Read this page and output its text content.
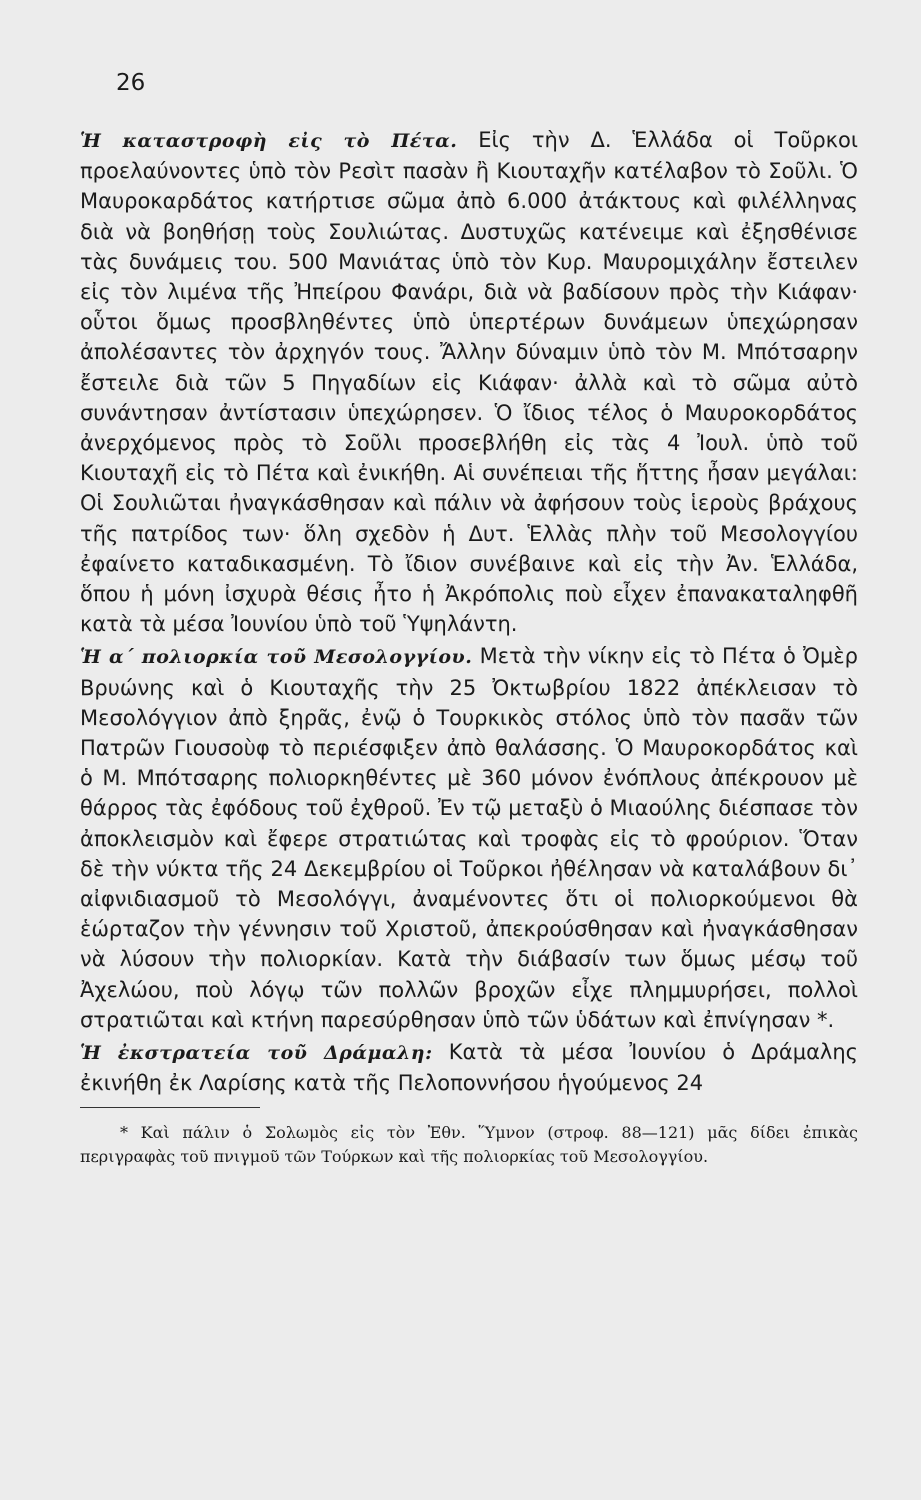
26

Ἡ καταστροφὴ εἰς τὸ Πέτα. Εἰς τὴν Δ. Ἑλλάδα οἱ Τοῦρκοι προελαύνοντες ὑπὸ τὸν Ρεσὶτ πασὰν ἢ Κιουταχῆν κατέλαβον τὸ Σοῦλι. Ὁ Μαυροκαρδάτος κατήρτισε σῶμα ἀπὸ 6.000 ἀτάκτους καὶ φιλέλληνας διὰ νὰ βοηθήσῃ τοὺς Σουλιώτας. Δυστυχῶς κατένειμε καὶ ἐξησθένισε τὰς δυνάμεις του. 500 Μανιάτας ὑπὸ τὸν Κυρ. Μαυρομιχάλην ἔστειλεν εἰς τὸν λιμένα τῆς Ἠπείρου Φανάρι, διὰ νὰ βαδίσουν πρὸς τὴν Κιάφαν· οὗτοι ὅμως προσβληθέντες ὑπὸ ὑπερτέρων δυνάμεων ὑπεχώρησαν ἀπολέσαντες τὸν ἀρχηγόν τους. Ἄλλην δύναμιν ὑπὸ τὸν Μ. Μπότσαρην ἔστειλε διὰ τῶν 5 Πηγαδίων εἰς Κιάφαν· ἀλλὰ καὶ τὸ σῶμα αὐτὸ συνάντησαν ἀντίστασιν ὑπεχώρησεν. Ὁ ἴδιος τέλος ὁ Μαυροκορδάτος ἀνερχόμενος πρὸς τὸ Σοῦλι προσεβλήθη εἰς τὰς 4 Ἰουλ. ὑπὸ τοῦ Κιουταχῆ εἰς τὸ Πέτα καὶ ἐνικήθη. Αἱ συνέπειαι τῆς ἥττης ἦσαν μεγάλαι: Οἱ Σουλιῶται ἠναγκάσθησαν καὶ πάλιν νὰ ἀφήσουν τοὺς ἱεροὺς βράχους τῆς πατρίδος των· ὅλη σχεδὸν ἡ Δυτ. Ἑλλὰς πλὴν τοῦ Μεσολογγίου ἐφαίνετο καταδικασμένη. Τὸ ἴδιον συνέβαινε καὶ εἰς τὴν Ἀν. Ἑλλάδα, ὅπου ἡ μόνη ἰσχυρὰ θέσις ἦτο ἡ Ἀκρόπολις ποὺ εἶχεν ἐπανακαταληφθῆ κατὰ τὰ μέσα Ἰουνίου ὑπὸ τοῦ Ὑψηλάντη.

Ἡ α΄ πολιορκία τοῦ Μεσολογγίου. Μετὰ τὴν νίκην εἰς τὸ Πέτα ὁ Ὀμὲρ Βρυώνης καὶ ὁ Κιουταχῆς τὴν 25 Ὀκτωβρίου 1822 ἀπέκλεισαν τὸ Μεσολόγγιον ἀπὸ ξηρᾶς, ἐνῷ ὁ Τουρκικὸς στόλος ὑπὸ τὸν πασᾶν τῶν Πατρῶν Γιουσοὺφ τὸ περιέσφιξεν ἀπὸ θαλάσσης. Ὁ Μαυροκορδάτος καὶ ὁ Μ. Μπότσαρης πολιορκηθέντες μὲ 360 μόνον ἐνόπλους ἀπέκρουον μὲ θάρρος τὰς ἐφόδους τοῦ ἐχθροῦ. Ἐν τῷ μεταξὺ ὁ Μιαούλης διέσπασε τὸν ἀποκλεισμὸν καὶ ἔφερε στρατιώτας καὶ τροφὰς εἰς τὸ φρούριον. Ὅταν δὲ τὴν νύκτα τῆς 24 Δεκεμβρίου οἱ Τοῦρκοι ἠθέλησαν νὰ καταλάβουν δι᾽ αἰφνιδιασμοῦ τὸ Μεσολόγγι, ἀναμένοντες ὅτι οἱ πολιορκούμενοι θὰ ἑώρταζον τὴν γέννησιν τοῦ Χριστοῦ, ἀπεκρούσθησαν καὶ ἠναγκάσθησαν νὰ λύσουν τὴν πολιορκίαν. Κατὰ τὴν διάβασίν των ὅμως μέσῳ τοῦ Ἀχελώου, ποὺ λόγῳ τῶν πολλῶν βροχῶν εἶχε πλημμυρήσει, πολλοὶ στρατιῶται καὶ κτήνη παρεσύρθησαν ὑπὸ τῶν ὑδάτων καὶ ἐπνίγησαν *.

Ἡ ἐκστρατεία τοῦ Δράμαλη: Κατὰ τὰ μέσα Ἰουνίου ὁ Δράμαλης ἐκινήθη ἐκ Λαρίσης κατὰ τῆς Πελοποννήσου ἡγούμενος 24

* Καὶ πάλιν ὁ Σολωμὸς εἰς τὸν Ἐθν. Ὕμνον (στροφ. 88—121) μᾶς δίδει ἐπικὰς περιγραφὰς τοῦ πνιγμοῦ τῶν Τούρκων καὶ τῆς πολιορκίας τοῦ Μεσολογγίου.
